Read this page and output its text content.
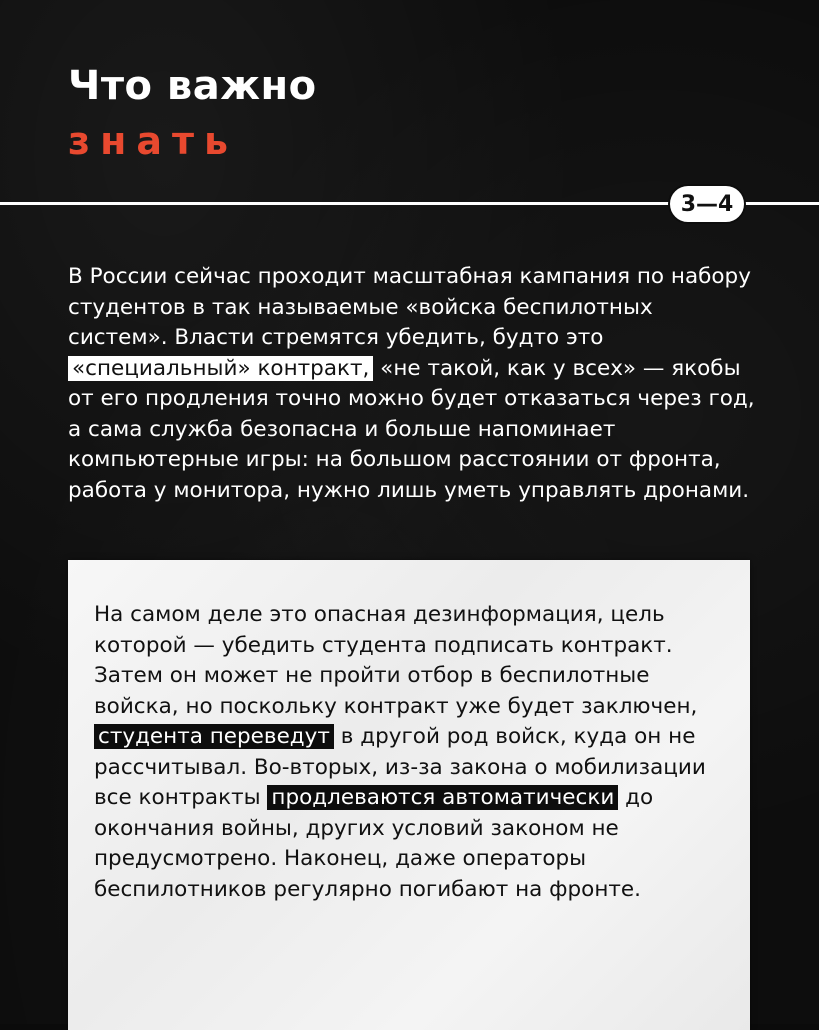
Что важно
знать
3—4
В России сейчас проходит масштабная кампания по набору студентов в так называемые «войска беспилотных систем». Власти стремятся убедить, будто это «специальный» контракт, «не такой, как у всех» — якобы от его продления точно можно будет отказаться через год, а сама служба безопасна и больше напоминает компьютерные игры: на большом расстоянии от фронта, работа у монитора, нужно лишь уметь управлять дронами.
На самом деле это опасная дезинформация, цель которой — убедить студента подписать контракт. Затем он может не пройти отбор в беспилотные войска, но поскольку контракт уже будет заключен, студента переведут в другой род войск, куда он не рассчитывал. Во-вторых, из-за закона о мобилизации все контракты продлеваются автоматически до окончания войны, других условий законом не предусмотрено. Наконец, даже операторы беспилотников регулярно погибают на фронте.
